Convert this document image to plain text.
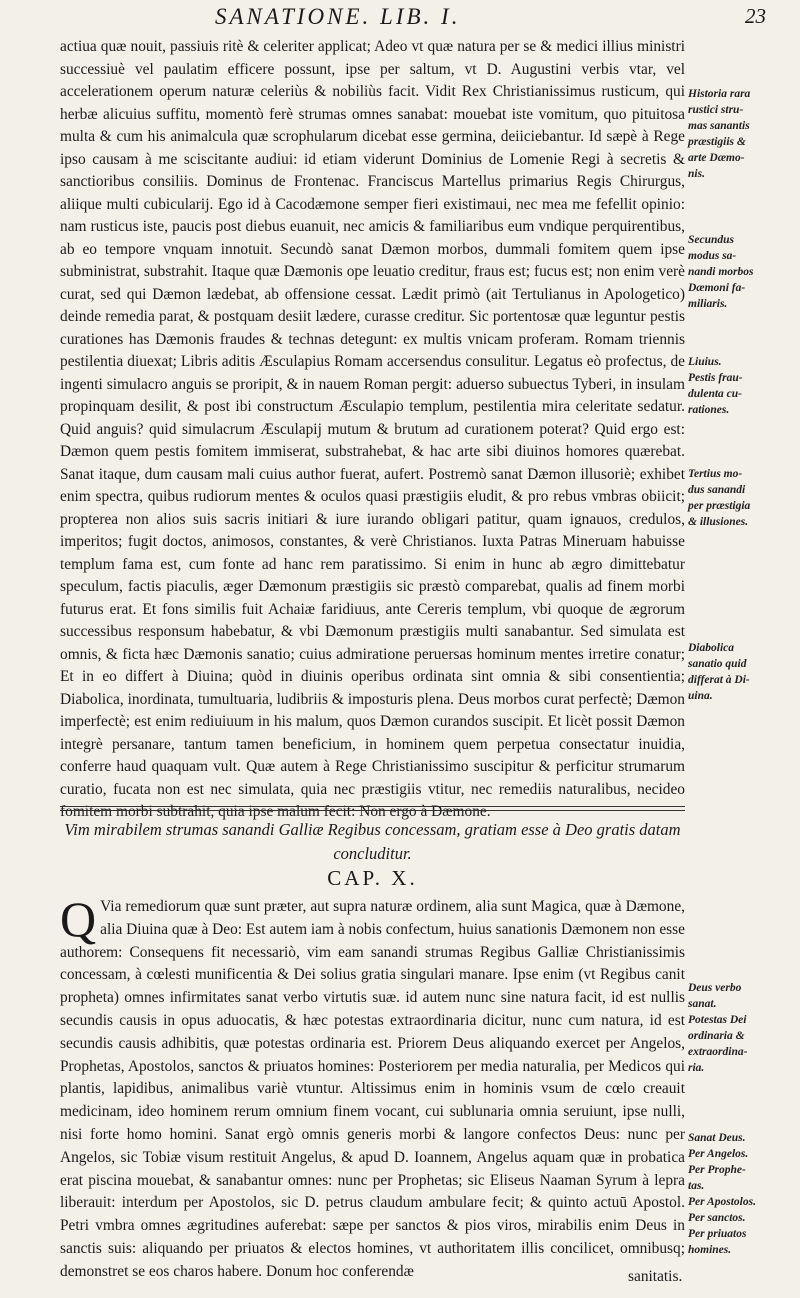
SANATIONE. LIB. I.	23

actiua quæ nouit, passiuis ritè & celeriter applicat; Adeo vt quæ natura per se & medici illius ministri successiuè vel paulatim efficere possunt, ipse per saltum, vt D. Augustini verbis vtar, vel accelerationem operum naturæ celeriùs & nobiliùs facit. Vidit Rex Christianissimus rusticum, qui herbæ alicuius suffitu, momentò ferè strumas omnes sanabat: mouebat iste vomitum, quo pituitosa multa & cum his animalcula quæ scrophularum dicebat esse germina, deiiciebantur. Id sæpè à Rege ipso causam à me sciscitante audiui: id etiam viderunt Dominius de Lomenie Regi à secretis & sanctioribus consiliis. Dominus de Frontenac. Franciscus Martellus primarius Regis Chirurgus, aliique multi cubicularij. Ego id à Cacodæmone semper fieri existimaui, nec mea me fefellit opinio: nam rusticus iste, paucis post diebus euanuit, nec amicis & familiaribus eum vndique perquirentibus, ab eo tempore vnquam innotuit. Secundò sanat Dæmon morbos, dummali fomitem quem ipse subministrat, substrahit. Itaque quæ Dæmonis ope leuatio creditur, fraus est; fucus est; non enim verè curat, sed qui Dæmon lædebat, ab offensione cessat. Lædit primò (ait Tertulianus in Apologetico) deinde remedia parat, & postquam desiit lædere, curasse creditur. Sic portentosæ quæ leguntur pestis curationes has Dæmonis fraudes & technas detegunt: ex multis vnicam proferam. Romam triennis pestilentia diuexat; Libris aditis Æsculapius Romam accersendus consulitur. Legatus eò profectus, de ingenti simulacro anguis se proripit, & in nauem Roman pergit: aduerso subuectus Tyberi, in insulam propinquam desilit, & post ibi constructum Æsculapio templum, pestilentia mira celeritate sedatur. Quid anguis? quid simulacrum Æsculapij mutum & brutum ad curationem poterat? Quid ergo est: Dæmon quem pestis fomitem immiserat, substrahebat, & hac arte sibi diuinos homores quærebat. Sanat itaque, dum causam mali cuius author fuerat, aufert. Postremò sanat Dæmon illusoriè; exhibet enim spectra, quibus rudiorum mentes & oculos quasi præstigiis eludit, & pro rebus vmbras obiicit; propterea non alios suis sacris initiari & iure iurando obligari patitur, quam ignauos, credulos, imperitos; fugit doctos, animosos, constantes, & verè Christianos. Iuxta Patras Mineruam habuisse templum fama est, cum fonte ad hanc rem paratissimo. Si enim in hunc ab ægro dimittebatur speculum, factis piaculis, æger Dæmonum præstigiis sic præstò comparebat, qualis ad finem morbi futurus erat. Et fons similis fuit Achaiæ faridiuus, ante Cereris templum, vbi quoque de ægrorum successibus responsum habebatur, & vbi Dæmonum præstigiis multi sanabantur. Sed simulata est omnis, & ficta hæc Dæmonis sanatio; cuius admiratione peruersas hominum mentes irretire conatur; Et in eo differt à Diuina; quòd in diuinis operibus ordinata sint omnia & sibi consentientia; Diabolica, inordinata, tumultuaria, ludibriis & imposturis plena. Deus morbos curat perfectè; Dæmon imperfectè; est enim rediuiuum in his malum, quos Dæmon curandos suscipit. Et licèt possit Dæmon integrè persanare, tantum tamen beneficium, in hominem quem perpetua consectatur inuidia, conferre haud quaquam vult. Quæ autem à Rege Christianissimo suscipitur & perficitur strumarum curatio, fucata non est nec simulata, quia nec præstigiis vtitur, nec remediis naturalibus, necideo fomitem morbi subtrahit, quia ipse malum fecit: Non ergo à Dæmone.

Vim mirabilem strumas sanandi Galliæ Regibus concessam, gratiam esse à Deo gratis datam concluditur.
CAP. X.
Q Via remediorum quæ sunt præter, aut supra naturæ ordinem, alia sunt Magica, quæ à Dæmone, alia Diuina quæ à Deo: Est autem iam à nobis confectum, huius sanationis Dæmonem non esse authorem: Consequens fit necessariò, vim eam sanandi strumas Regibus Galliæ Christianissimis concessam, à cœlesti munificentia & Dei solius gratia singulari manare. Ipse enim (vt Regibus canit propheta) omnes infirmitates sanat verbo virtutis suæ. id autem nunc sine natura facit, id est nullis secundis causis in opus aduocatis, & hæc potestas extraordinaria dicitur, nunc cum natura, id est secundis causis adhibitis, quæ potestas ordinaria est. Priorem Deus aliquando exercet per Angelos, Prophetas, Apostolos, sanctos & priuatos homines: Posteriorem per media naturalia, per Medicos qui plantis, lapidibus, animalibus variè vtuntur. Altissimus enim in hominis vsum de cœlo creauit medicinam, ideo hominem rerum omnium finem vocant, cui sublunaria omnia seruiunt, ipse nulli, nisi forte homo homini. Sanat ergò omnis generis morbi & langore confectos Deus: nunc per Angelos, sic Tobiæ visum restituit Angelus, & apud D. Ioannem, Angelus aquam quæ in probatica erat piscina mouebat, & sanabantur omnes: nunc per Prophetas; sic Eliseus Naaman Syrum à lepra liberauit: interdum per Apostolos, sic D. petrus claudum ambulare fecit; & quinto actuū Apostol. Petri vmbra omnes ægritudines auferebat: sæpe per sanctos & pios viros, mirabilis enim Deus in sanctis suis: aliquando per priuatos & electos homines, vt authoritatem illis concilicet, omnibusq; demonstret se eos charos habere. Donum hoc conferendæ	sanitatis.
Historia rara
rustici stru-
mas sanantis
præstigiis &
arte Dæmo-
nis.
Secundus
modus sa-
nandi morbos
Dæmoni fa-
miliaris.
Liuius.
Pestis frau-
dulenta cu-
rationes.
Tertius mo-
dus sanandi
per præstigia
& illusiones.
Diabolica
sanatio quid
differat à Di-
uina.
Deus verbo
sanat.
Potestas Dei
ordinaria &
extraordina-
ria.
Sanat Deus.
Per Angelos.
Per Prophe-
tas.
Per Apostolos.
Per sanctos.
Per priuatos
homines.
